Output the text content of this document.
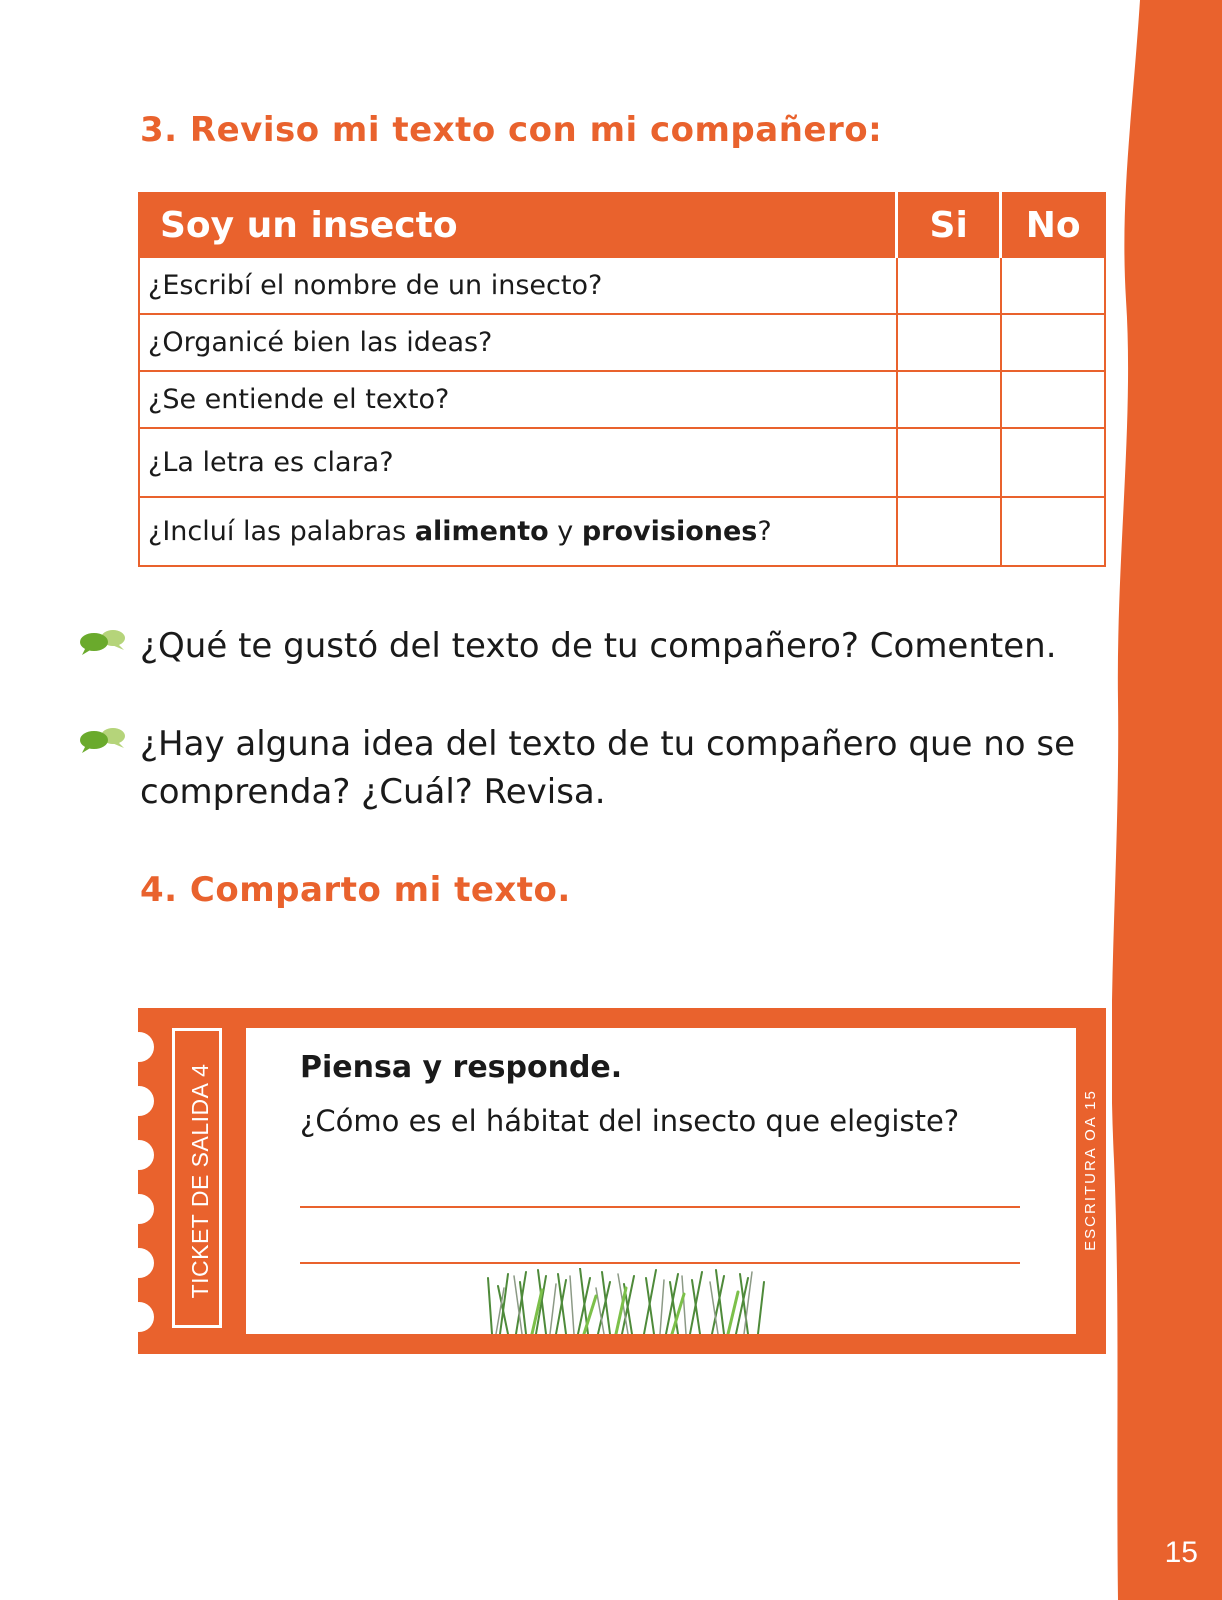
15
3. Reviso mi texto con mi compañero:
Soy un insecto	Si	No
¿Escribí el nombre de un insecto?		
¿Organicé bien las ideas?		
¿Se entiende el texto?		
¿La letra es clara?		
¿Incluí las palabras alimento y provisiones?		

¿Qué te gustó del texto de tu compañero? Comenten.

¿Hay alguna idea del texto de tu compañero que no se comprenda? ¿Cuál? Revisa.

4. Comparto mi texto.
TICKET DE SALIDA 4	Piensa y responde.

¿Cómo es el hábitat del insecto que elegiste?	ESCRITURA OA 15
